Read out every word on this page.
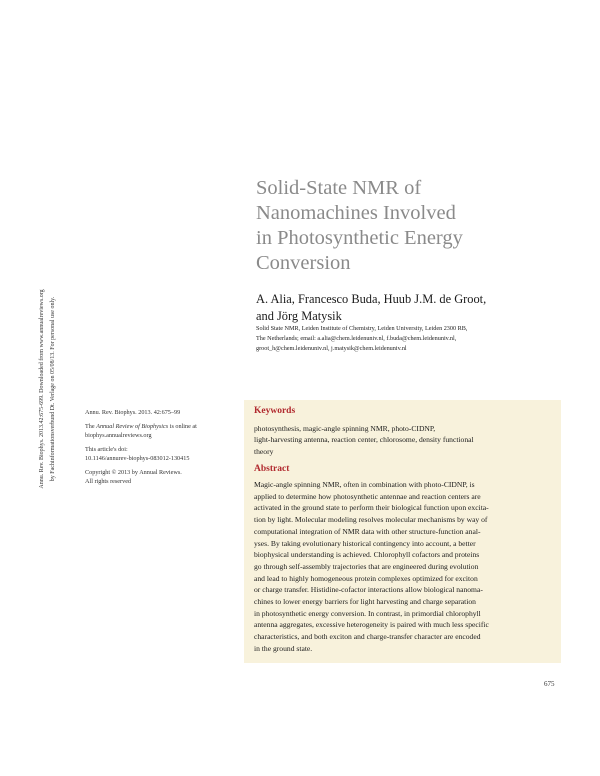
Solid-State NMR of
Nanomachines Involved
in Photosynthetic Energy
Conversion
A. Alia, Francesco Buda, Huub J.M. de Groot,
and Jörg Matysik
Solid State NMR, Leiden Institute of Chemistry, Leiden University, Leiden 2300 RB,
The Netherlands; email: a.alia@chem.leidenuniv.nl, f.buda@chem.leidenuniv.nl,
groot_h@chem.leidenuniv.nl, j.matysik@chem.leidenuniv.nl
Annu. Rev. Biophys. 2013.42:675-699. Downloaded from www.annualreviews.org by Fachinformationsverbund Dt. Verlage on 05/08/13. For personal use only.	Annu. Rev. Biophys. 2013. 42:675–99

The Annual Review of Biophysics is online at
biophys.annualreviews.org

This article's doi:
10.1146/annurev-biophys-083012-130415

Copyright © 2013 by Annual Reviews.
All rights reserved

Keywords
photosynthesis, magic-angle spinning NMR, photo-CIDNP,
light-harvesting antenna, reaction center, chlorosome, density functional
theory
Abstract
Magic-angle spinning NMR, often in combination with photo-CIDNP, is
applied to determine how photosynthetic antennae and reaction centers are
activated in the ground state to perform their biological function upon excita-
tion by light. Molecular modeling resolves molecular mechanisms by way of
computational integration of NMR data with other structure-function anal-
yses. By taking evolutionary historical contingency into account, a better
biophysical understanding is achieved. Chlorophyll cofactors and proteins
go through self-assembly trajectories that are engineered during evolution
and lead to highly homogeneous protein complexes optimized for exciton
or charge transfer. Histidine-cofactor interactions allow biological nanoma-
chines to lower energy barriers for light harvesting and charge separation
in photosynthetic energy conversion. In contrast, in primordial chlorophyll
antenna aggregates, excessive heterogeneity is paired with much less specific
characteristics, and both exciton and charge-transfer character are encoded
in the ground state.
675
